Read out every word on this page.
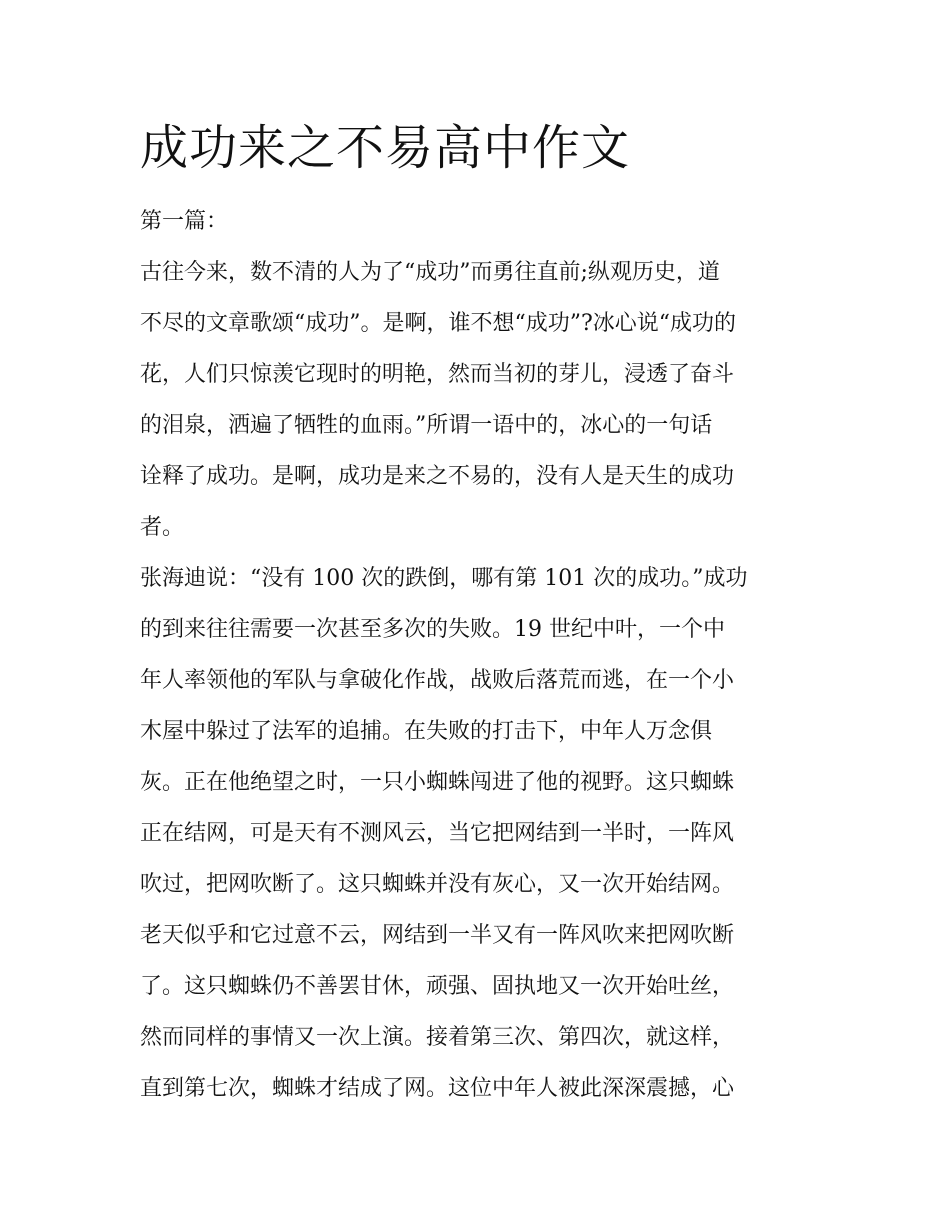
成功来之不易高中作文

第一篇：

古往今来，数不清的人为了“成功”而勇往直前;纵观历史，道

不尽的文章歌颂“成功”。是啊，谁不想“成功”?冰心说“成功的

花，人们只惊羡它现时的明艳，然而当初的芽儿，浸透了奋斗

的泪泉，洒遍了牺牲的血雨。”所谓一语中的，冰心的一句话

诠释了成功。是啊，成功是来之不易的，没有人是天生的成功

者。

张海迪说：“没有 100 次的跌倒，哪有第 101 次的成功。”成功

的到来往往需要一次甚至多次的失败。19 世纪中叶，一个中

年人率领他的军队与拿破化作战，战败后落荒而逃，在一个小

木屋中躲过了法军的追捕。在失败的打击下，中年人万念俱

灰。正在他绝望之时，一只小蜘蛛闯进了他的视野。这只蜘蛛

正在结网，可是天有不测风云，当它把网结到一半时，一阵风

吹过，把网吹断了。这只蜘蛛并没有灰心，又一次开始结网。

老天似乎和它过意不云，网结到一半又有一阵风吹来把网吹断

了。这只蜘蛛仍不善罢甘休，顽强、固执地又一次开始吐丝，

然而同样的事情又一次上演。接着第三次、第四次，就这样，

直到第七次，蜘蛛才结成了网。这位中年人被此深深震撼，心
